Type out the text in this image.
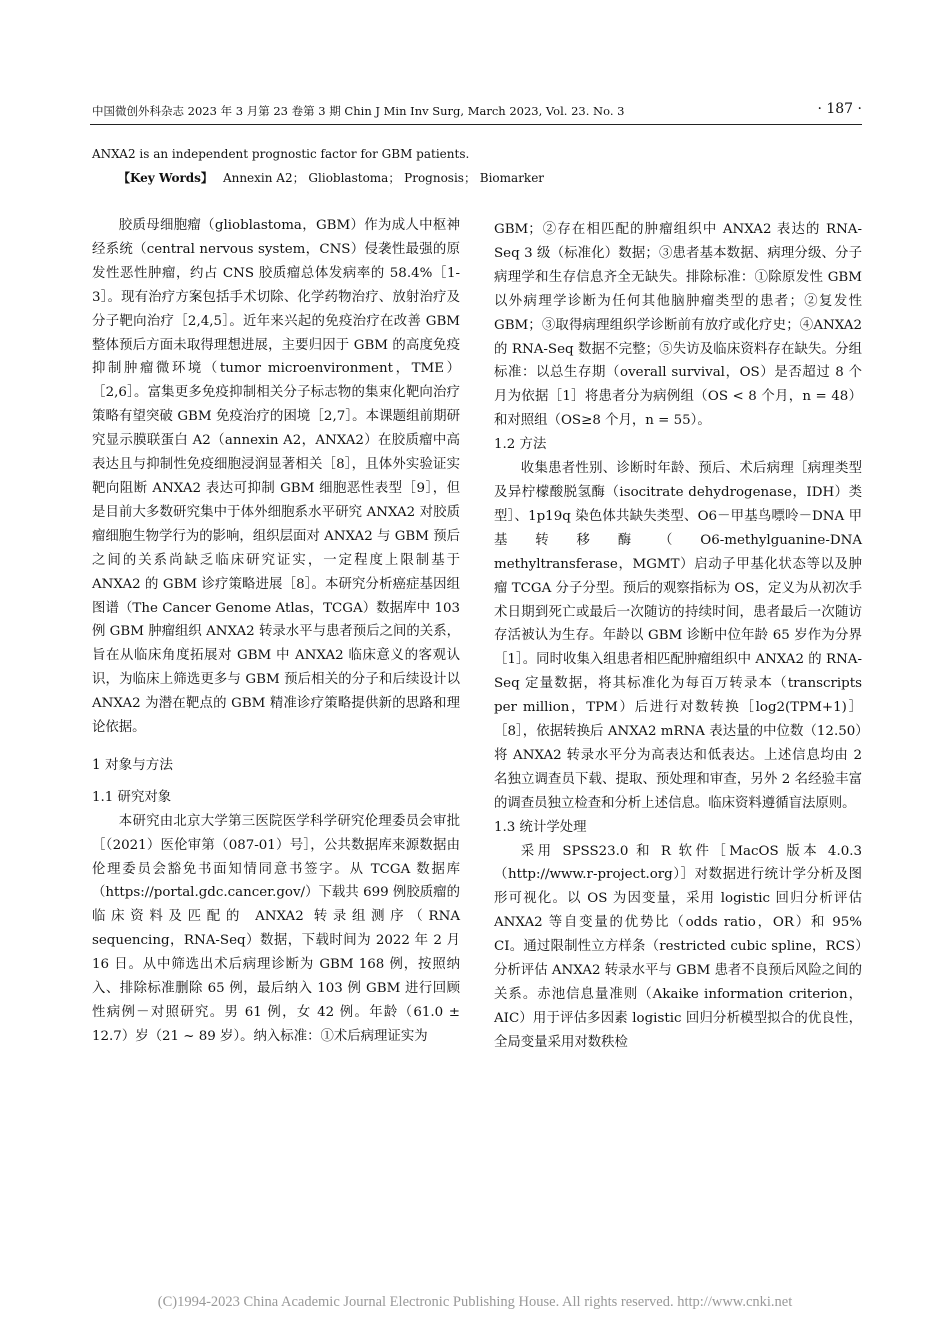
中国微创外科杂志 2023 年 3 月第 23 卷第 3 期 Chin J Min Inv Surg, March 2023, Vol. 23. No. 3	· 187 ·
ANXA2 is an independent prognostic factor for GBM patients.
【Key Words】 Annexin A2； Glioblastoma； Prognosis； Biomarker

胶质母细胞瘤（glioblastoma，GBM）作为成人中枢神经系统（central nervous system，CNS）侵袭性最强的原发性恶性肿瘤，约占 CNS 胶质瘤总体发病率的 58.4%［1-3］。现有治疗方案包括手术切除、化学药物治疗、放射治疗及分子靶向治疗［2,4,5］。近年来兴起的免疫治疗在改善 GBM 整体预后方面未取得理想进展，主要归因于 GBM 的高度免疫抑制肿瘤微环境（tumor microenvironment，TME）［2,6］。富集更多免疫抑制相关分子标志物的集束化靶向治疗策略有望突破 GBM 免疫治疗的困境［2,7］。本课题组前期研究显示膜联蛋白 A2（annexin A2，ANXA2）在胶质瘤中高表达且与抑制性免疫细胞浸润显著相关［8］，且体外实验证实靶向阻断 ANXA2 表达可抑制 GBM 细胞恶性表型［9］，但是目前大多数研究集中于体外细胞系水平研究 ANXA2 对胶质瘤细胞生物学行为的影响，组织层面对 ANXA2 与 GBM 预后之间的关系尚缺乏临床研究证实，一定程度上限制基于 ANXA2 的 GBM 诊疗策略进展［8］。本研究分析癌症基因组图谱（The Cancer Genome Atlas，TCGA）数据库中 103 例 GBM 肿瘤组织 ANXA2 转录水平与患者预后之间的关系，旨在从临床角度拓展对 GBM 中 ANXA2 临床意义的客观认识，为临床上筛选更多与 GBM 预后相关的分子和后续设计以 ANXA2 为潜在靶点的 GBM 精准诊疗策略提供新的思路和理论依据。

1 对象与方法
1.1 研究对象

本研究由北京大学第三医院医学科学研究伦理委员会审批［（2021）医伦审第（087-01）号］，公共数据库来源数据由伦理委员会豁免书面知情同意书签字。从 TCGA 数据库（https://portal.gdc.cancer.gov/）下载共 699 例胶质瘤的临床资料及匹配的 ANXA2 转录组测序（RNA sequencing，RNA-Seq）数据，下载时间为 2022 年 2 月 16 日。从中筛选出术后病理诊断为 GBM 168 例，按照纳入、排除标准删除 65 例，最后纳入 103 例 GBM 进行回顾性病例－对照研究。男 61 例，女 42 例。年龄（61.0 ± 12.7）岁（21 ~ 89 岁）。纳入标准：①术后病理证实为

GBM；②存在相匹配的肿瘤组织中 ANXA2 表达的 RNA-Seq 3 级（标准化）数据；③患者基本数据、病理分级、分子病理学和生存信息齐全无缺失。排除标准：①除原发性 GBM 以外病理学诊断为任何其他脑肿瘤类型的患者；②复发性 GBM；③取得病理组织学诊断前有放疗或化疗史；④ANXA2 的 RNA-Seq 数据不完整；⑤失访及临床资料存在缺失。分组标准：以总生存期（overall survival，OS）是否超过 8 个月为依据［1］将患者分为病例组（OS < 8 个月，n = 48）和对照组（OS≥8 个月，n = 55）。

1.2 方法

收集患者性别、诊断时年龄、预后、术后病理［病理类型及异柠檬酸脱氢酶（isocitrate dehydrogenase，IDH）类型］、1p19q 染色体共缺失类型、O6－甲基鸟嘌呤－DNA 甲基转移酶（O6-methylguanine-DNA methyltransferase，MGMT）启动子甲基化状态等以及肿瘤 TCGA 分子分型。预后的观察指标为 OS，定义为从初次手术日期到死亡或最后一次随访的持续时间，患者最后一次随访存活被认为生存。年龄以 GBM 诊断中位年龄 65 岁作为分界［1］。同时收集入组患者相匹配肿瘤组织中 ANXA2 的 RNA-Seq 定量数据，将其标准化为每百万转录本（transcripts per million，TPM）后进行对数转换［log2(TPM+1)］［8］，依据转换后 ANXA2 mRNA 表达量的中位数（12.50）将 ANXA2 转录水平分为高表达和低表达。上述信息均由 2 名独立调查员下载、提取、预处理和审查，另外 2 名经验丰富的调查员独立检查和分析上述信息。临床资料遵循盲法原则。

1.3 统计学处理

采用 SPSS23.0 和 R 软件［MacOS 版本 4.0.3（http://www.r-project.org）］对数据进行统计学分析及图形可视化。以 OS 为因变量，采用 logistic 回归分析评估 ANXA2 等自变量的优势比（odds ratio，OR）和 95% CI。通过限制性立方样条（restricted cubic spline，RCS）分析评估 ANXA2 转录水平与 GBM 患者不良预后风险之间的关系。赤池信息量准则（Akaike information criterion，AIC）用于评估多因素 logistic 回归分析模型拟合的优良性，全局变量采用对数秩检

(C)1994-2023 China Academic Journal Electronic Publishing House. All rights reserved. http://www.cnki.net
